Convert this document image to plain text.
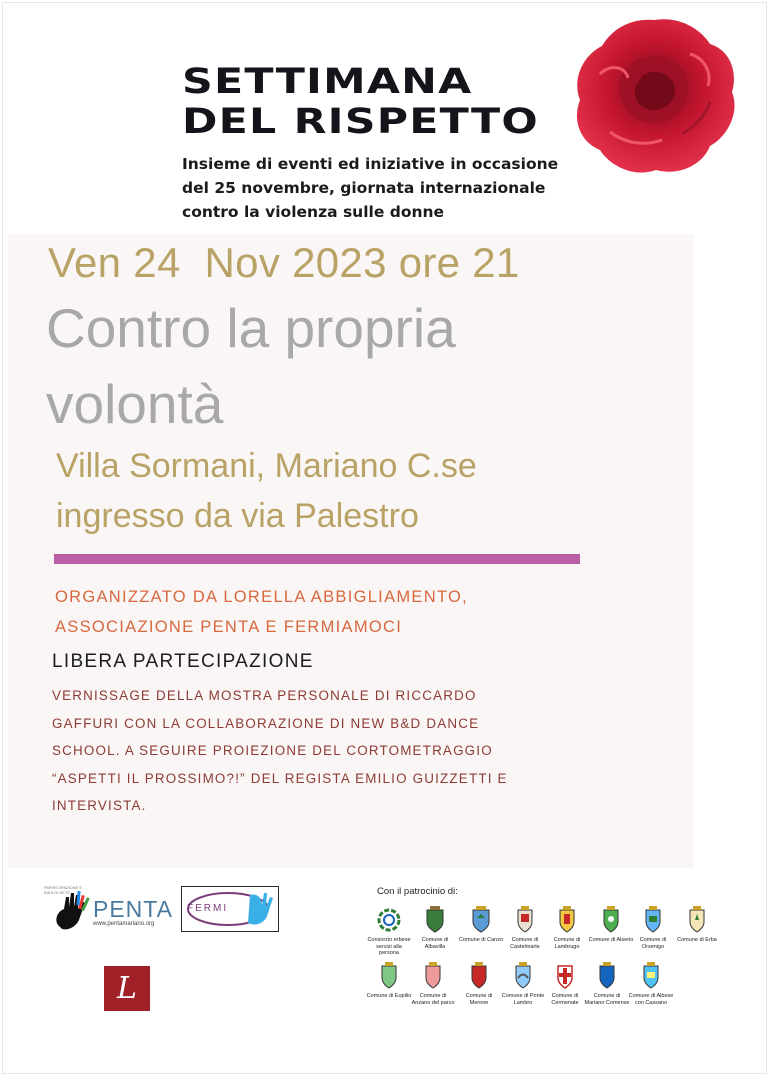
SETTIMANA
DEL RISPETTO
Insieme di eventi ed iniziative in occasione
del 25 novembre, giornata internazionale
contro la violenza sulle donne
Ven 24  Nov 2023 ore 21
Contro la propria
volontà
Villa Sormani, Mariano C.se
ingresso da via Palestro
ORGANIZZATO DA LORELLA ABBIGLIAMENTO,
ASSOCIAZIONE PENTA E FERMIAMOCI
LIBERA PARTECIPAZIONE
VERNISSAGE DELLA MOSTRA PERSONALE DI RICCARDO
GAFFURI CON LA COLLABORAZIONE DI NEW B&D DANCE
SCHOOL. A SEGUIRE PROIEZIONE DEL CORTOMETRAGGIO
“ASPETTI IL PROSSIMO?!” DEL REGISTA EMILIO GUIZZETTI E
INTERVISTA.
PARTECIPAZIONE E IDEA DI RETE
PENTA
www.pentamariano.org
FERMI
L
Con il patrocinio di:
Consorzio erbese servizi alla persona
Comune di Albavilla
Comune di Canzo	Comune di Castelmarte
Comune di Lambrugo
Comune di Alserio	Comune di Orsenigo
Comune di Erba
Comune di Eupilio	Comune di Anzano del parco
Comune di Merone
Comune di Ponte Lambro
Comune di Cermenate
Comune di Mariano Comense
Comune di Albese con Cassano
